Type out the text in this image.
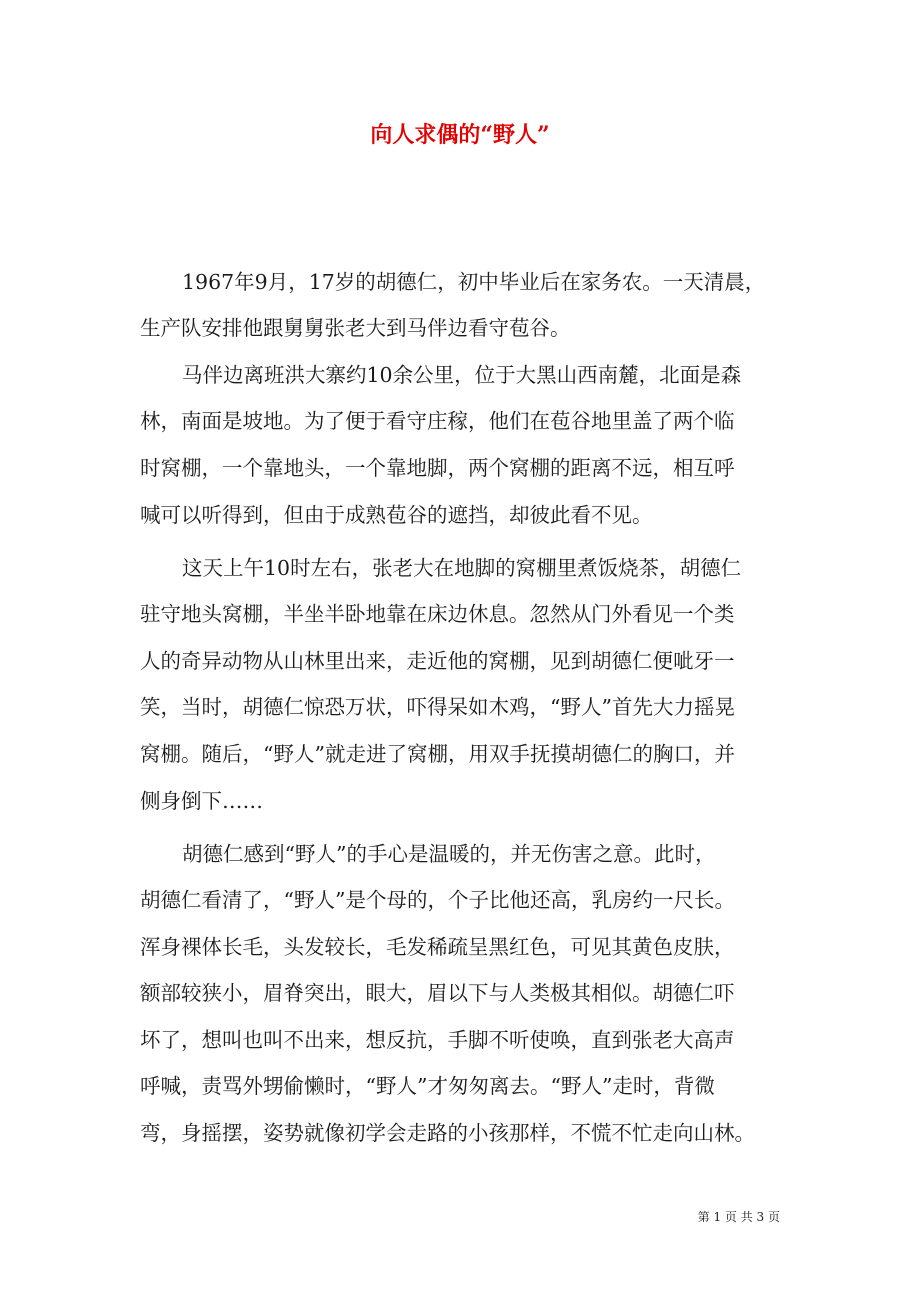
向人求偶的“野人”
1967年9月，17岁的胡德仁，初中毕业后在家务农。一天清晨，
生产队安排他跟舅舅张老大到马伴边看守苞谷。
马伴边离班洪大寨约10余公里，位于大黑山西南麓，北面是森
林，南面是坡地。为了便于看守庄稼，他们在苞谷地里盖了两个临
时窝棚，一个靠地头，一个靠地脚，两个窝棚的距离不远，相互呼
喊可以听得到，但由于成熟苞谷的遮挡，却彼此看不见。
这天上午10时左右，张老大在地脚的窝棚里煮饭烧茶，胡德仁
驻守地头窝棚，半坐半卧地靠在床边休息。忽然从门外看见一个类
人的奇异动物从山林里出来，走近他的窝棚，见到胡德仁便呲牙一
笑，当时，胡德仁惊恐万状，吓得呆如木鸡，“野人”首先大力摇晃
窝棚。随后，“野人”就走进了窝棚，用双手抚摸胡德仁的胸口，并
侧身倒下……
胡德仁感到“野人”的手心是温暖的，并无伤害之意。此时，
胡德仁看清了，“野人”是个母的，个子比他还高，乳房约一尺长。
浑身裸体长毛，头发较长，毛发稀疏呈黑红色，可见其黄色皮肤，
额部较狭小，眉脊突出，眼大，眉以下与人类极其相似。胡德仁吓
坏了，想叫也叫不出来，想反抗，手脚不听使唤，直到张老大高声
呼喊，责骂外甥偷懒时，“野人”才匆匆离去。“野人”走时，背微
弯，身摇摆，姿势就像初学会走路的小孩那样，不慌不忙走向山林。
第 1 页 共 3 页
